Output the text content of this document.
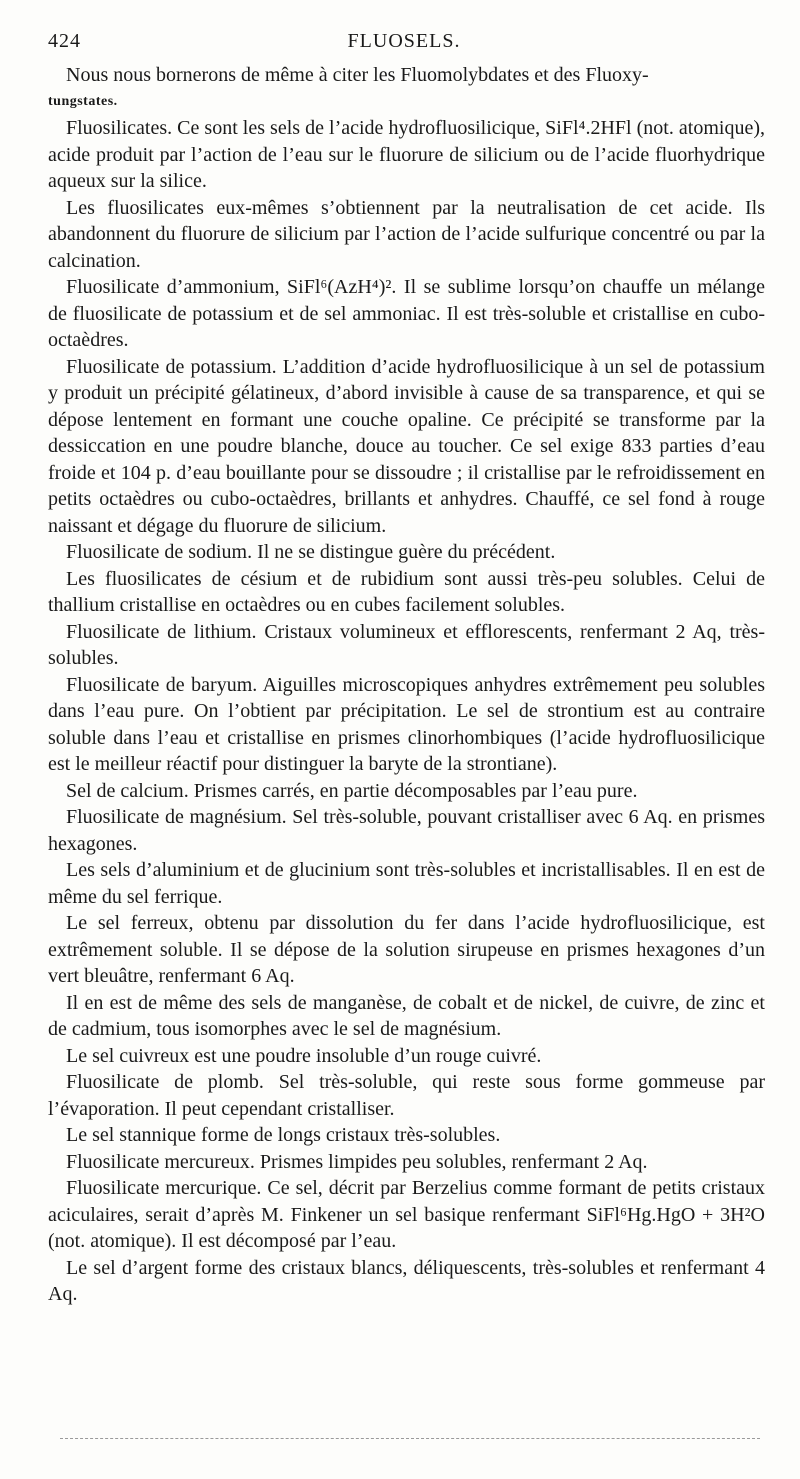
424	FLUOSELS.

Nous nous bornerons de même à citer les Fluomolybdates et des Fluoxy-

tungstates.

Fluosilicates. Ce sont les sels de l’acide hydrofluosilicique, SiFl⁴.2HFl (not. atomique), acide produit par l’action de l’eau sur le fluorure de silicium ou de l’acide fluorhydrique aqueux sur la silice.

Les fluosilicates eux-mêmes s’obtiennent par la neutralisation de cet acide. Ils abandonnent du fluorure de silicium par l’action de l’acide sulfurique concentré ou par la calcination.

Fluosilicate d’ammonium, SiFl⁶(AzH⁴)². Il se sublime lorsqu’on chauffe un mélange de fluosilicate de potassium et de sel ammoniac. Il est très-soluble et cristallise en cubo-octaèdres.

Fluosilicate de potassium. L’addition d’acide hydrofluosilicique à un sel de potassium y produit un précipité gélatineux, d’abord invisible à cause de sa transparence, et qui se dépose lentement en formant une couche opaline. Ce précipité se transforme par la dessiccation en une poudre blanche, douce au toucher. Ce sel exige 833 parties d’eau froide et 104 p. d’eau bouillante pour se dissoudre ; il cristallise par le refroidissement en petits octaèdres ou cubo-octaèdres, brillants et anhydres. Chauffé, ce sel fond à rouge naissant et dégage du fluorure de silicium.

Fluosilicate de sodium. Il ne se distingue guère du précédent.

Les fluosilicates de césium et de rubidium sont aussi très-peu solubles. Celui de thallium cristallise en octaèdres ou en cubes facilement solubles.

Fluosilicate de lithium. Cristaux volumineux et efflorescents, renfermant 2 Aq, très-solubles.

Fluosilicate de baryum. Aiguilles microscopiques anhydres extrêmement peu solubles dans l’eau pure. On l’obtient par précipitation. Le sel de strontium est au contraire soluble dans l’eau et cristallise en prismes clinorhombiques (l’acide hydrofluosilicique est le meilleur réactif pour distinguer la baryte de la strontiane).

Sel de calcium. Prismes carrés, en partie décomposables par l’eau pure.

Fluosilicate de magnésium. Sel très-soluble, pouvant cristalliser avec 6 Aq. en prismes hexagones.

Les sels d’aluminium et de glucinium sont très-solubles et incristallisables. Il en est de même du sel ferrique.

Le sel ferreux, obtenu par dissolution du fer dans l’acide hydrofluosilicique, est extrêmement soluble. Il se dépose de la solution sirupeuse en prismes hexagones d’un vert bleuâtre, renfermant 6 Aq.

Il en est de même des sels de manganèse, de cobalt et de nickel, de cuivre, de zinc et de cadmium, tous isomorphes avec le sel de magnésium.

Le sel cuivreux est une poudre insoluble d’un rouge cuivré.

Fluosilicate de plomb. Sel très-soluble, qui reste sous forme gommeuse par l’évaporation. Il peut cependant cristalliser.

Le sel stannique forme de longs cristaux très-solubles.

Fluosilicate mercureux. Prismes limpides peu solubles, renfermant 2 Aq.

Fluosilicate mercurique. Ce sel, décrit par Berzelius comme formant de petits cristaux aciculaires, serait d’après M. Finkener un sel basique renfermant SiFl⁶Hg.HgO + 3H²O (not. atomique). Il est décomposé par l’eau.

Le sel d’argent forme des cristaux blancs, déliquescents, très-solubles et renfermant 4 Aq.
